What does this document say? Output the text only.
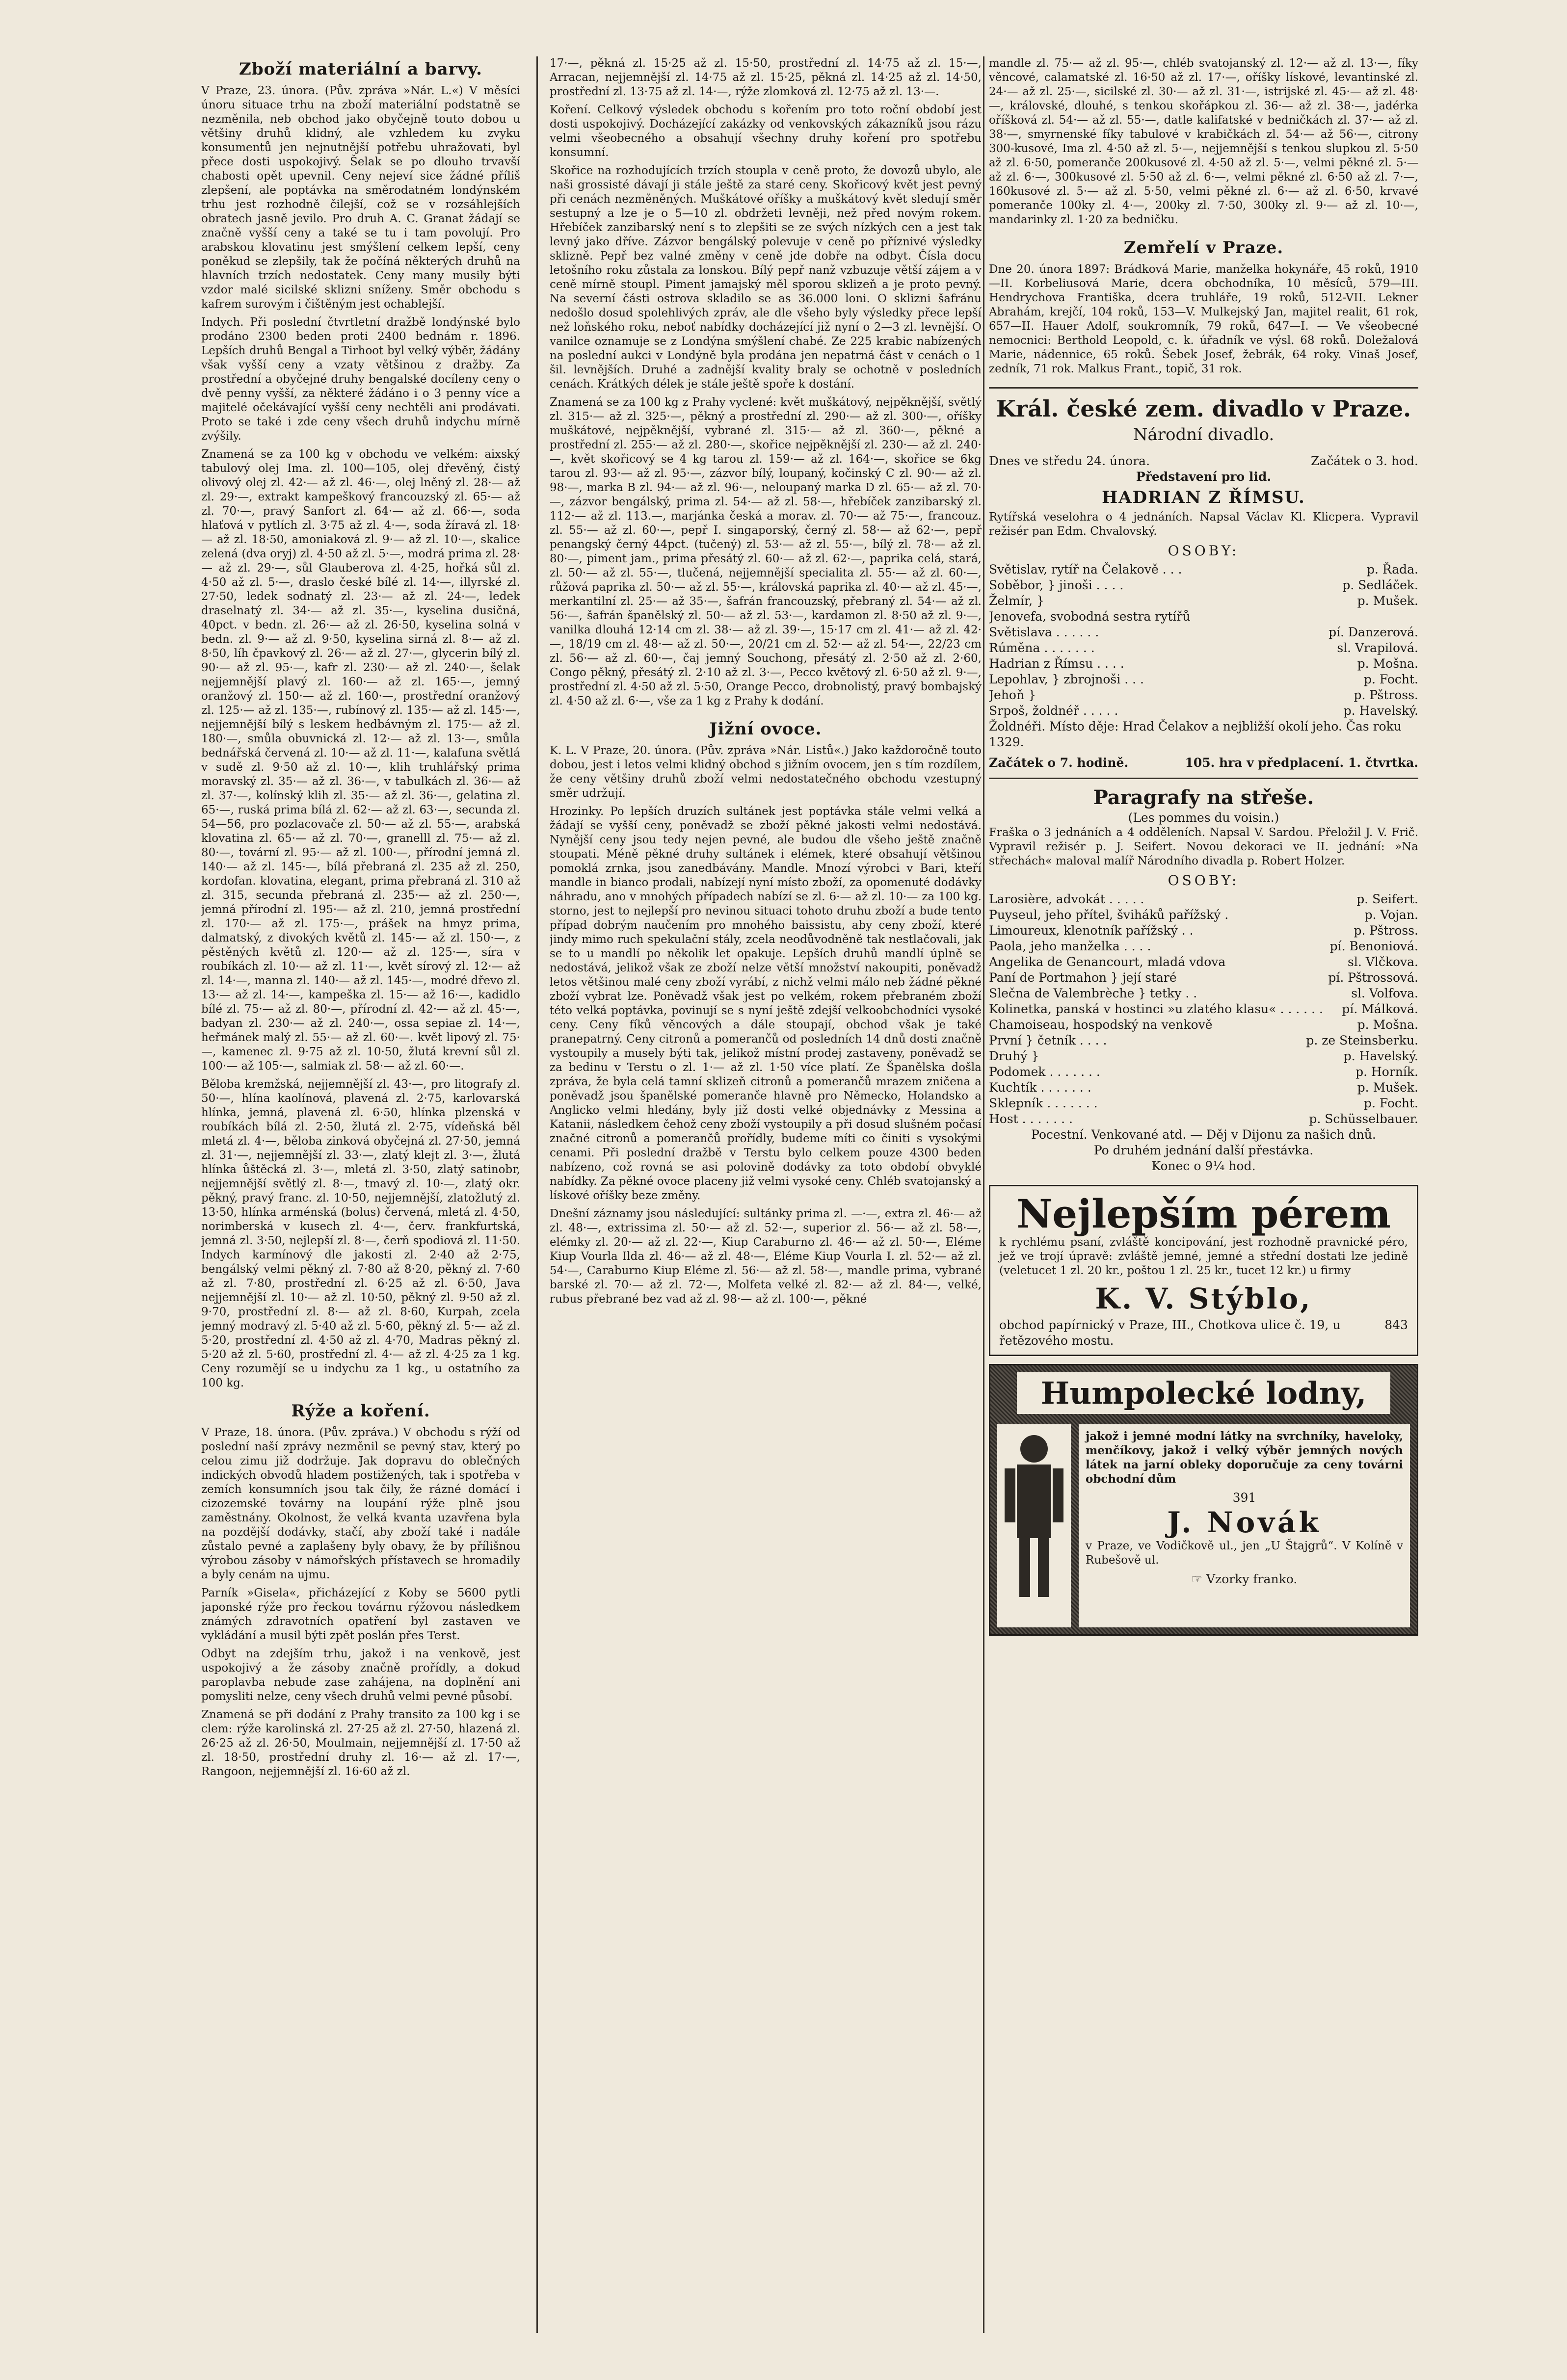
Zboží materiální a barvy.

V Praze, 23. února. (Pův. zpráva »Nár. L.«) V měsíci únoru situace trhu na zboží materiální podstatně se nezměnila, neb obchod jako obyčejně touto dobou u většiny druhů klidný, ale vzhledem ku zvyku konsumentů jen nejnutnější potřebu uhražovati, byl přece dosti uspokojivý. Šelak se po dlouho trvavší chabosti opět upevnil. Ceny nejeví sice žádné příliš zlepšení, ale poptávka na směrodatném londýnském trhu jest rozhodně čilejší, což se v rozsáhlejších obratech jasně jevilo. Pro druh A. C. Granat žádají se značně vyšší ceny a také se tu i tam povolují. Pro arabskou klovatinu jest smýšlení celkem lepší, ceny poněkud se zlepšily, tak že počíná některých druhů na hlavních trzích nedostatek. Ceny many musily býti vzdor malé sicilské sklizni sníženy. Směr obchodu s kafrem surovým i čištěným jest ochablejší.

Indych. Při poslední čtvrtletní dražbě londýnské bylo prodáno 2300 beden proti 2400 bednám r. 1896. Lepších druhů Bengal a Tirhoot byl velký výběr, žádány však vyšší ceny a vzaty většinou z dražby. Za prostřední a obyčejné druhy bengalské docíleny ceny o dvě penny vyšší, za některé žádáno i o 3 penny více a majitelé očekávající vyšší ceny nechtěli ani prodávati. Proto se také i zde ceny všech druhů indychu mírně zvýšily.

Znamená se za 100 kg v obchodu ve velkém: aixský tabulový olej Ima. zl. 100—105, olej dřevěný, čistý olivový olej zl. 42·— až zl. 46·—, olej lněný zl. 28·— až zl. 29·—, extrakt kampeškový francouzský zl. 65·— až zl. 70·—, pravý Sanfort zl. 64·— až zl. 66·—, soda hlaťová v pytlích zl. 3·75 až zl. 4·—, soda žíravá zl. 18·— až zl. 18·50, amoniaková zl. 9·— až zl. 10·—, skalice zelená (dva oryj) zl. 4·50 až zl. 5·—, modrá prima zl. 28·— až zl. 29·—, sůl Glauberova zl. 4·25, hořká sůl zl. 4·50 až zl. 5·—, draslo české bílé zl. 14·—, illyrské zl. 27·50, ledek sodnatý zl. 23·— až zl. 24·—, ledek draselnatý zl. 34·— až zl. 35·—, kyselina dusičná, 40pct. v bedn. zl. 26·— až zl. 26·50, kyselina solná v bedn. zl. 9·— až zl. 9·50, kyselina sirná zl. 8·— až zl. 8·50, líh čpavkový zl. 26·— až zl. 27·—, glycerin bílý zl. 90·— až zl. 95·—, kafr zl. 230·— až zl. 240·—, šelak nejjemnější plavý zl. 160·— až zl. 165·—, jemný oranžový zl. 150·— až zl. 160·—, prostřední oranžový zl. 125·— až zl. 135·—, rubínový zl. 135·— až zl. 145·—, nejjemnější bílý s leskem hedbávným zl. 175·— až zl. 180·—, smůla obuvnická zl. 12·— až zl. 13·—, smůla bednářská červená zl. 10·— až zl. 11·—, kalafuna světlá v sudě zl. 9·50 až zl. 10·—, klih truhlářský prima moravský zl. 35·— až zl. 36·—, v tabulkách zl. 36·— až zl. 37·—, kolínský klih zl. 35·— až zl. 36·—, gelatina zl. 65·—, ruská prima bílá zl. 62·— až zl. 63·—, secunda zl. 54—56, pro pozlacovače zl. 50·— až zl. 55·—, arabská klovatina zl. 65·— až zl. 70·—, granelll zl. 75·— až zl. 80·—, tovární zl. 95·— až zl. 100·—, přírodní jemná zl. 140·— až zl. 145·—, bílá přebraná zl. 235 až zl. 250, kordofan. klovatina, elegant, prima přebraná zl. 310 až zl. 315, secunda přebraná zl. 235·— až zl. 250·—, jemná přírodní zl. 195·— až zl. 210, jemná prostřední zl. 170·— až zl. 175·—, prášek na hmyz prima, dalmatský, z divokých květů zl. 145·— až zl. 150·—, z pěstěných květů zl. 120·— až zl. 125·—, síra v roubíkách zl. 10·— až zl. 11·—, květ sírový zl. 12·— až zl. 14·—, manna zl. 140·— až zl. 145·—, modré dřevo zl. 13·— až zl. 14·—, kampeška zl. 15·— až 16·—, kadidlo bílé zl. 75·— až zl. 80·—, přírodní zl. 42·— až zl. 45·—, badyan zl. 230·— až zl. 240·—, ossa sepiae zl. 14·—, heřmánek malý zl. 55·— až zl. 60·—. květ lipový zl. 75·—, kamenec zl. 9·75 až zl. 10·50, žlutá krevní sůl zl. 100·— až 105·—, salmiak zl. 58·— až zl. 60·—.

Běloba kremžská, nejjemnější zl. 43·—, pro litografy zl. 50·—, hlína kaolínová, plavená zl. 2·75, karlovarská hlínka, jemná, plavená zl. 6·50, hlínka plzenská v roubíkách bílá zl. 2·50, žlutá zl. 2·75, vídeňská běl mletá zl. 4·—, běloba zinková obyčejná zl. 27·50, jemná zl. 31·—, nejjemnější zl. 33·—, zlatý klejt zl. 3·—, žlutá hlínka ůštěcká zl. 3·—, mletá zl. 3·50, zlatý satinobr, nejjemnější světlý zl. 8·—, tmavý zl. 10·—, zlatý okr. pěkný, pravý franc. zl. 10·50, nejjemnější, zlatožlutý zl. 13·50, hlínka arménská (bolus) červená, mletá zl. 4·50, norimberská v kusech zl. 4·—, červ. frankfurtská, jemná zl. 3·50, nejlepší zl. 8·—, čerň spodiová zl. 11·50. Indych karmínový dle jakosti zl. 2·40 až 2·75, bengálský velmi pěkný zl. 7·80 až 8·20, pěkný zl. 7·60 až zl. 7·80, prostřední zl. 6·25 až zl. 6·50, Java nejjemnější zl. 10·— až zl. 10·50, pěkný zl. 9·50 až zl. 9·70, prostřední zl. 8·— až zl. 8·60, Kurpah, zcela jemný modravý zl. 5·40 až zl. 5·60, pěkný zl. 5·— až zl. 5·20, prostřední zl. 4·50 až zl. 4·70, Madras pěkný zl. 5·20 až zl. 5·60, prostřední zl. 4·— až zl. 4·25 za 1 kg. Ceny rozumějí se u indychu za 1 kg., u ostatního za 100 kg.

Rýže a koření.

V Praze, 18. února. (Pův. zpráva.) V obchodu s rýží od poslední naší zprávy nezměnil se pevný stav, který po celou zimu již dodržuje. Jak dopravu do oblečných indických obvodů hladem postižených, tak i spotřeba v zemích konsumních jsou tak čily, že rázné domácí i cizozemské továrny na loupání rýže plně jsou zaměstnány. Okolnost, že velká kvanta uzavřena byla na pozdější dodávky, stačí, aby zboží také i nadále zůstalo pevné a zaplašeny byly obavy, že by přílišnou výrobou zásoby v námořských přístavech se hromadily a byly cenám na ujmu.

Parník »Gisela«, přicházející z Koby se 5600 pytli japonské rýže pro řeckou továrnu rýžovou následkem známých zdravotních opatření byl zastaven ve vykládání a musil býti zpět poslán přes Terst.

Odbyt na zdejším trhu, jakož i na venkově, jest uspokojivý a že zásoby značně prořídly, a dokud paroplavba nebude zase zahájena, na doplnění ani pomysliti nelze, ceny všech druhů velmi pevné působí.

Znamená se při dodání z Prahy transito za 100 kg i se clem: rýže karolinská zl. 27·25 až zl. 27·50, hlazená zl. 26·25 až zl. 26·50, Moulmain, nejjemnější zl. 17·50 až zl. 18·50, prostřední druhy zl. 16·— až zl. 17·—, Rangoon, nejjemnější zl. 16·60 až zl.

17·—, pěkná zl. 15·25 až zl. 15·50, prostřední zl. 14·75 až zl. 15·—, Arracan, nejjemnější zl. 14·75 až zl. 15·25, pěkná zl. 14·25 až zl. 14·50, prostřední zl. 13·75 až zl. 14·—, rýže zlomková zl. 12·75 až zl. 13·—.

Koření. Celkový výsledek obchodu s kořením pro toto roční období jest dosti uspokojivý. Docházející zakázky od venkovských zákazníků jsou rázu velmi všeobecného a obsahují všechny druhy koření pro spotřebu konsumní.

Skořice na rozhodujících trzích stoupla v ceně proto, že dovozů ubylo, ale naši grossisté dávají ji stále ještě za staré ceny. Skořicový květ jest pevný při cenách nezměněných. Muškátové oříšky a muškátový květ sledují směr sestupný a lze je o 5—10 zl. obdržeti levněji, než před novým rokem. Hřebíček zanzibarský není s to zlepšiti se ze svých nízkých cen a jest tak levný jako dříve. Zázvor bengálský polevuje v ceně po příznivé výsledky sklizně. Pepř bez valné změny v ceně jde dobře na odbyt. Čísla docu letošního roku zůstala za lonskou. Bílý pepř nanž vzbuzuje větší zájem a v ceně mírně stoupl. Piment jamajský měl sporou sklizeň a je proto pevný. Na severní části ostrova skladilo se as 36.000 loni. O sklizni šafránu nedošlo dosud spolehlivých zpráv, ale dle všeho byly výsledky přece lepší než loňského roku, neboť nabídky docházející již nyní o 2—3 zl. levnější. O vanilce oznamuje se z Londýna smýšlení chabé. Ze 225 krabic nabízených na poslední aukci v Londýně byla prodána jen nepatrná část v cenách o 1 šil. levnějších. Druhé a zadnější kvality braly se ochotně v posledních cenách. Krátkých délek je stále ještě spoře k dostání.

Znamená se za 100 kg z Prahy vyclené: květ muškátový, nejpěknější, světlý zl. 315·— až zl. 325·—, pěkný a prostřední zl. 290·— až zl. 300·—, oříšky muškátové, nejpěknější, vybrané zl. 315·— až zl. 360·—, pěkné a prostřední zl. 255·— až zl. 280·—, skořice nejpěknější zl. 230·— až zl. 240·—, květ skořicový se 4 kg tarou zl. 159·— až zl. 164·—, skořice se 6kg tarou zl. 93·— až zl. 95·—, zázvor bílý, loupaný, kočinský C zl. 90·— až zl. 98·—, marka B zl. 94·— až zl. 96·—, neloupaný marka D zl. 65·— až zl. 70·—, zázvor bengálský, prima zl. 54·— až zl. 58·—, hřebíček zanzibarský zl. 112·— až zl. 113.—, marjánka česká a morav. zl. 70·— až 75·—, francouz. zl. 55·— až zl. 60·—, pepř I. singaporský, černý zl. 58·— až 62·—, pepř penangský černý 44pct. (tučený) zl. 53·— až zl. 55·—, bílý zl. 78·— až zl. 80·—, piment jam., prima přesátý zl. 60·— až zl. 62·—, paprika celá, stará, zl. 50·— až zl. 55·—, tlučená, nejjemnější specialita zl. 55·— až zl. 60·—, růžová paprika zl. 50·— až zl. 55·—, královská paprika zl. 40·— až zl. 45·—, merkantilní zl. 25·— až 35·—, šafrán francouzský, přebraný zl. 54·— až zl. 56·—, šafrán španělský zl. 50·— až zl. 53·—, kardamon zl. 8·50 až zl. 9·—, vanilka dlouhá 12·14 cm zl. 38·— až zl. 39·—, 15·17 cm zl. 41·— až zl. 42·—, 18/19 cm zl. 48·— až zl. 50·—, 20/21 cm zl. 52·— až zl. 54·—, 22/23 cm zl. 56·— až zl. 60·—, čaj jemný Souchong, přesátý zl. 2·50 až zl. 2·60, Congo pěkný, přesátý zl. 2·10 až zl. 3·—, Pecco květový zl. 6·50 až zl. 9·—, prostřední zl. 4·50 až zl. 5·50, Orange Pecco, drobnolistý, pravý bombajský zl. 4·50 až zl. 6·—, vše za 1 kg z Prahy k dodání.

Jižní ovoce.

K. L. V Praze, 20. února. (Pův. zpráva »Nár. Listů«.) Jako každoročně touto dobou, jest i letos velmi klidný obchod s jižním ovocem, jen s tím rozdílem, že ceny většiny druhů zboží velmi nedostatečného obchodu vzestupný směr udržují.

Hrozinky. Po lepších druzích sultánek jest poptávka stále velmi velká a žádají se vyšší ceny, poněvadž se zboží pěkné jakosti velmi nedostává. Nynější ceny jsou tedy nejen pevné, ale budou dle všeho ještě značně stoupati. Méně pěkné druhy sultánek i elémek, které obsahují většinou pomoklá zrnka, jsou zanedbávány. Mandle. Mnozí výrobci v Bari, kteří mandle in bianco prodali, nabízejí nyní místo zboží, za opomenuté dodávky náhradu, ano v mnohých případech nabízí se zl. 6·— až zl. 10·— za 100 kg. storno, jest to nejlepší pro nevinou situaci tohoto druhu zboží a bude tento případ dobrým naučením pro mnohého baissistu, aby ceny zboží, které jindy mimo ruch spekulační stály, zcela neodůvodněně tak nestlačovali, jak se to u mandlí po několik let opakuje. Lepších druhů mandlí úplně se nedostává, jelikož však ze zboží nelze větší množství nakoupiti, poněvadž letos většinou malé ceny zboží vyrábí, z nichž velmi málo neb žádné pěkné zboží vybrat lze. Poněvadž však jest po velkém, rokem přebraném zboží této velká poptávka, povinují se s nyní ještě zdejší velkoobchodníci vysoké ceny. Ceny fíků věncových a dále stoupají, obchod však je také pranepatrný. Ceny citronů a pomerančů od posledních 14 dnů dosti značně vystoupily a musely býti tak, jelikož místní prodej zastaveny, poněvadž se za bedinu v Terstu o zl. 1·— až zl. 1·50 více platí. Ze Španělska došla zpráva, že byla celá tamní sklizeň citronů a pomerančů mrazem zničena a poněvadž jsou španělské pomeranče hlavně pro Německo, Holandsko a Anglicko velmi hledány, byly již dosti velké objednávky z Messina a Katanii, následkem čehož ceny zboží vystoupily a při dosud slušném počasí značné citronů a pomerančů prořídly, budeme míti co činiti s vysokými cenami. Při poslední dražbě v Terstu bylo celkem pouze 4300 beden nabízeno, což rovná se asi polovině dodávky za toto období obvyklé nabídky. Za pěkné ovoce placeny již velmi vysoké ceny. Chléb svatojanský a lískové oříšky beze změny.

Dnešní záznamy jsou následující: sultánky prima zl. —·—, extra zl. 46·— až zl. 48·—, extrissima zl. 50·— až zl. 52·—, superior zl. 56·— až zl. 58·—, elémky zl. 20·— až zl. 22·—, Kiup Caraburno zl. 46·— až zl. 50·—, Eléme Kiup Vourla Ilda zl. 46·— až zl. 48·—, Eléme Kiup Vourla I. zl. 52·— až zl. 54·—, Caraburno Kiup Eléme zl. 56·— až zl. 58·—, mandle prima, vybrané barské zl. 70·— až zl. 72·—, Molfeta velké zl. 82·— až zl. 84·—, velké, rubus přebrané bez vad až zl. 98·— až zl. 100·—, pěkné

mandle zl. 75·— až zl. 95·—, chléb svatojanský zl. 12·— až zl. 13·—, fíky věncové, calamatské zl. 16·50 až zl. 17·—, oříšky lískové, levantinské zl. 24·— až zl. 25·—, sicilské zl. 30·— až zl. 31·—, istrijské zl. 45·— až zl. 48·—, královské, dlouhé, s tenkou skořápkou zl. 36·— až zl. 38·—, jadérka oříšková zl. 54·— až zl. 55·—, datle kalifatské v bedničkách zl. 37·— až zl. 38·—, smyrnenské fíky tabulové v krabičkách zl. 54·— až 56·—, citrony 300-kusové, Ima zl. 4·50 až zl. 5·—, nejjemnější s tenkou slupkou zl. 5·50 až zl. 6·50, pomeranče 200kusové zl. 4·50 až zl. 5·—, velmi pěkné zl. 5·— až zl. 6·—, 300kusové zl. 5·50 až zl. 6·—, velmi pěkné zl. 6·50 až zl. 7·—, 160kusové zl. 5·— až zl. 5·50, velmi pěkné zl. 6·— až zl. 6·50, krvavé pomeranče 100ky zl. 4·—, 200ky zl. 7·50, 300ky zl. 9·— až zl. 10·—, mandarinky zl. 1·20 za bedničku.

Zemřelí v Praze.

Dne 20. února 1897: Brádková Marie, manželka hokynáře, 45 roků, 1910—II. Korbeliusová Marie, dcera obchodníka, 10 měsíců, 579—III. Hendrychova Františka, dcera truhláře, 19 roků, 512-VII. Lekner Abrahám, krejčí, 104 roků, 153—V. Mulkejský Jan, majitel realit, 61 rok, 657—II. Hauer Adolf, soukromník, 79 roků, 647—I. — Ve všeobecné nemocnici: Berthold Leopold, c. k. úřadník ve výsl. 68 roků. Doležalová Marie, nádennice, 65 roků. Šebek Josef, žebrák, 64 roky. Vinaš Josef, zedník, 71 rok. Malkus Frant., topič, 31 rok.

Král. české zem. divadlo v Praze.
Národní divadlo.
Dnes ve středu 24. února.	Začátek o 3. hod.
Představení pro lid.
HADRIAN Z ŘÍMSU.

Rytířská veselohra o 4 jednáních. Napsal Václav Kl. Klicpera. Vypravil režisér pan Edm. Chvalovský.

OSOBY:
Světislav, rytíř na Čelakově . . .	p. Řada.
Soběbor, } jinoši . . . .	p. Sedláček.
Želmír, }	p. Mušek.
Jenovefa, svobodná sestra rytířů
Světislava . . . . . .	pí. Danzerová.
Rúměna . . . . . . .	sl. Vrapilová.
Hadrian z Římsu . . . .	p. Mošna.
Lepohlav, } zbrojnoši . . .	p. Focht.
Jehoň }	p. Pštross.
Srpoš, žoldnéř . . . . .	p. Havelský.
Žoldnéři. Místo děje: Hrad Čelakov a nejbližší okolí jeho. Čas roku 1329.
Začátek o 7. hodině.	105. hra v předplacení. 1. čtvrtka.
Paragrafy na střeše.
(Les pommes du voisin.)

Fraška o 3 jednáních a 4 odděleních. Napsal V. Sardou. Přeložil J. V. Frič. Vypravil režisér p. J. Seifert. Novou dekoraci ve II. jednání: »Na střechách« maloval malíř Národního divadla p. Robert Holzer.

OSOBY:
Larosière, advokát . . . . .	p. Seifert.
Puyseul, jeho přítel, šviháků pařížský .	p. Vojan.
Limoureux, klenotník pařížský . .	p. Pštross.
Paola, jeho manželka . . . .	pí. Benoniová.
Angelika de Genancourt, mladá vdova	sl. Vlčkova.
Paní de Portmahon } její staré	pí. Pštrossová.
Slečna de Valembrèche } tetky . .	sl. Volfova.
Kolinetka, panská v hostinci »u zlatého klasu« . . . . . . pí. Málková.
Chamoiseau, hospodský na venkově	p. Mošna.
První } četník . . . .	p. ze Steinsberku.
Druhý }	p. Havelský.
Podomek . . . . . . .	p. Horník.
Kuchtík . . . . . . .	p. Mušek.
Sklepník . . . . . . .	p. Focht.
Host . . . . . . .	p. Schüsselbauer.
Pocestní. Venkované atd. — Děj v Dijonu za našich dnů.
Po druhém jednání další přestávka.
Konec o 9¼ hod.
Nejlepším pérem

k rychlému psaní, zvláště koncipování, jest rozhodně pravnické péro, jež ve trojí úpravě: zvláště jemné, jemné a střední dostati lze jedině (veletucet 1 zl. 20 kr., poštou 1 zl. 25 kr., tucet 12 kr.) u firmy

K. V. Stýblo,
obchod papírnický v Praze, III., Chotkova ulice č. 19, u řetězového mostu.
843
Humpolecké lodny,

jakož i jemné modní látky na svrchníky, haveloky, menčíkovy, jakož i velký výběr jemných nových látek na jarní obleky doporučuje za ceny továrni obchodní dům

391
J. Novák

v Praze, ve Vodičkově ul., jen „U Štajgrů“. V Kolíně v Rubešově ul.

☞ Vzorky franko.
